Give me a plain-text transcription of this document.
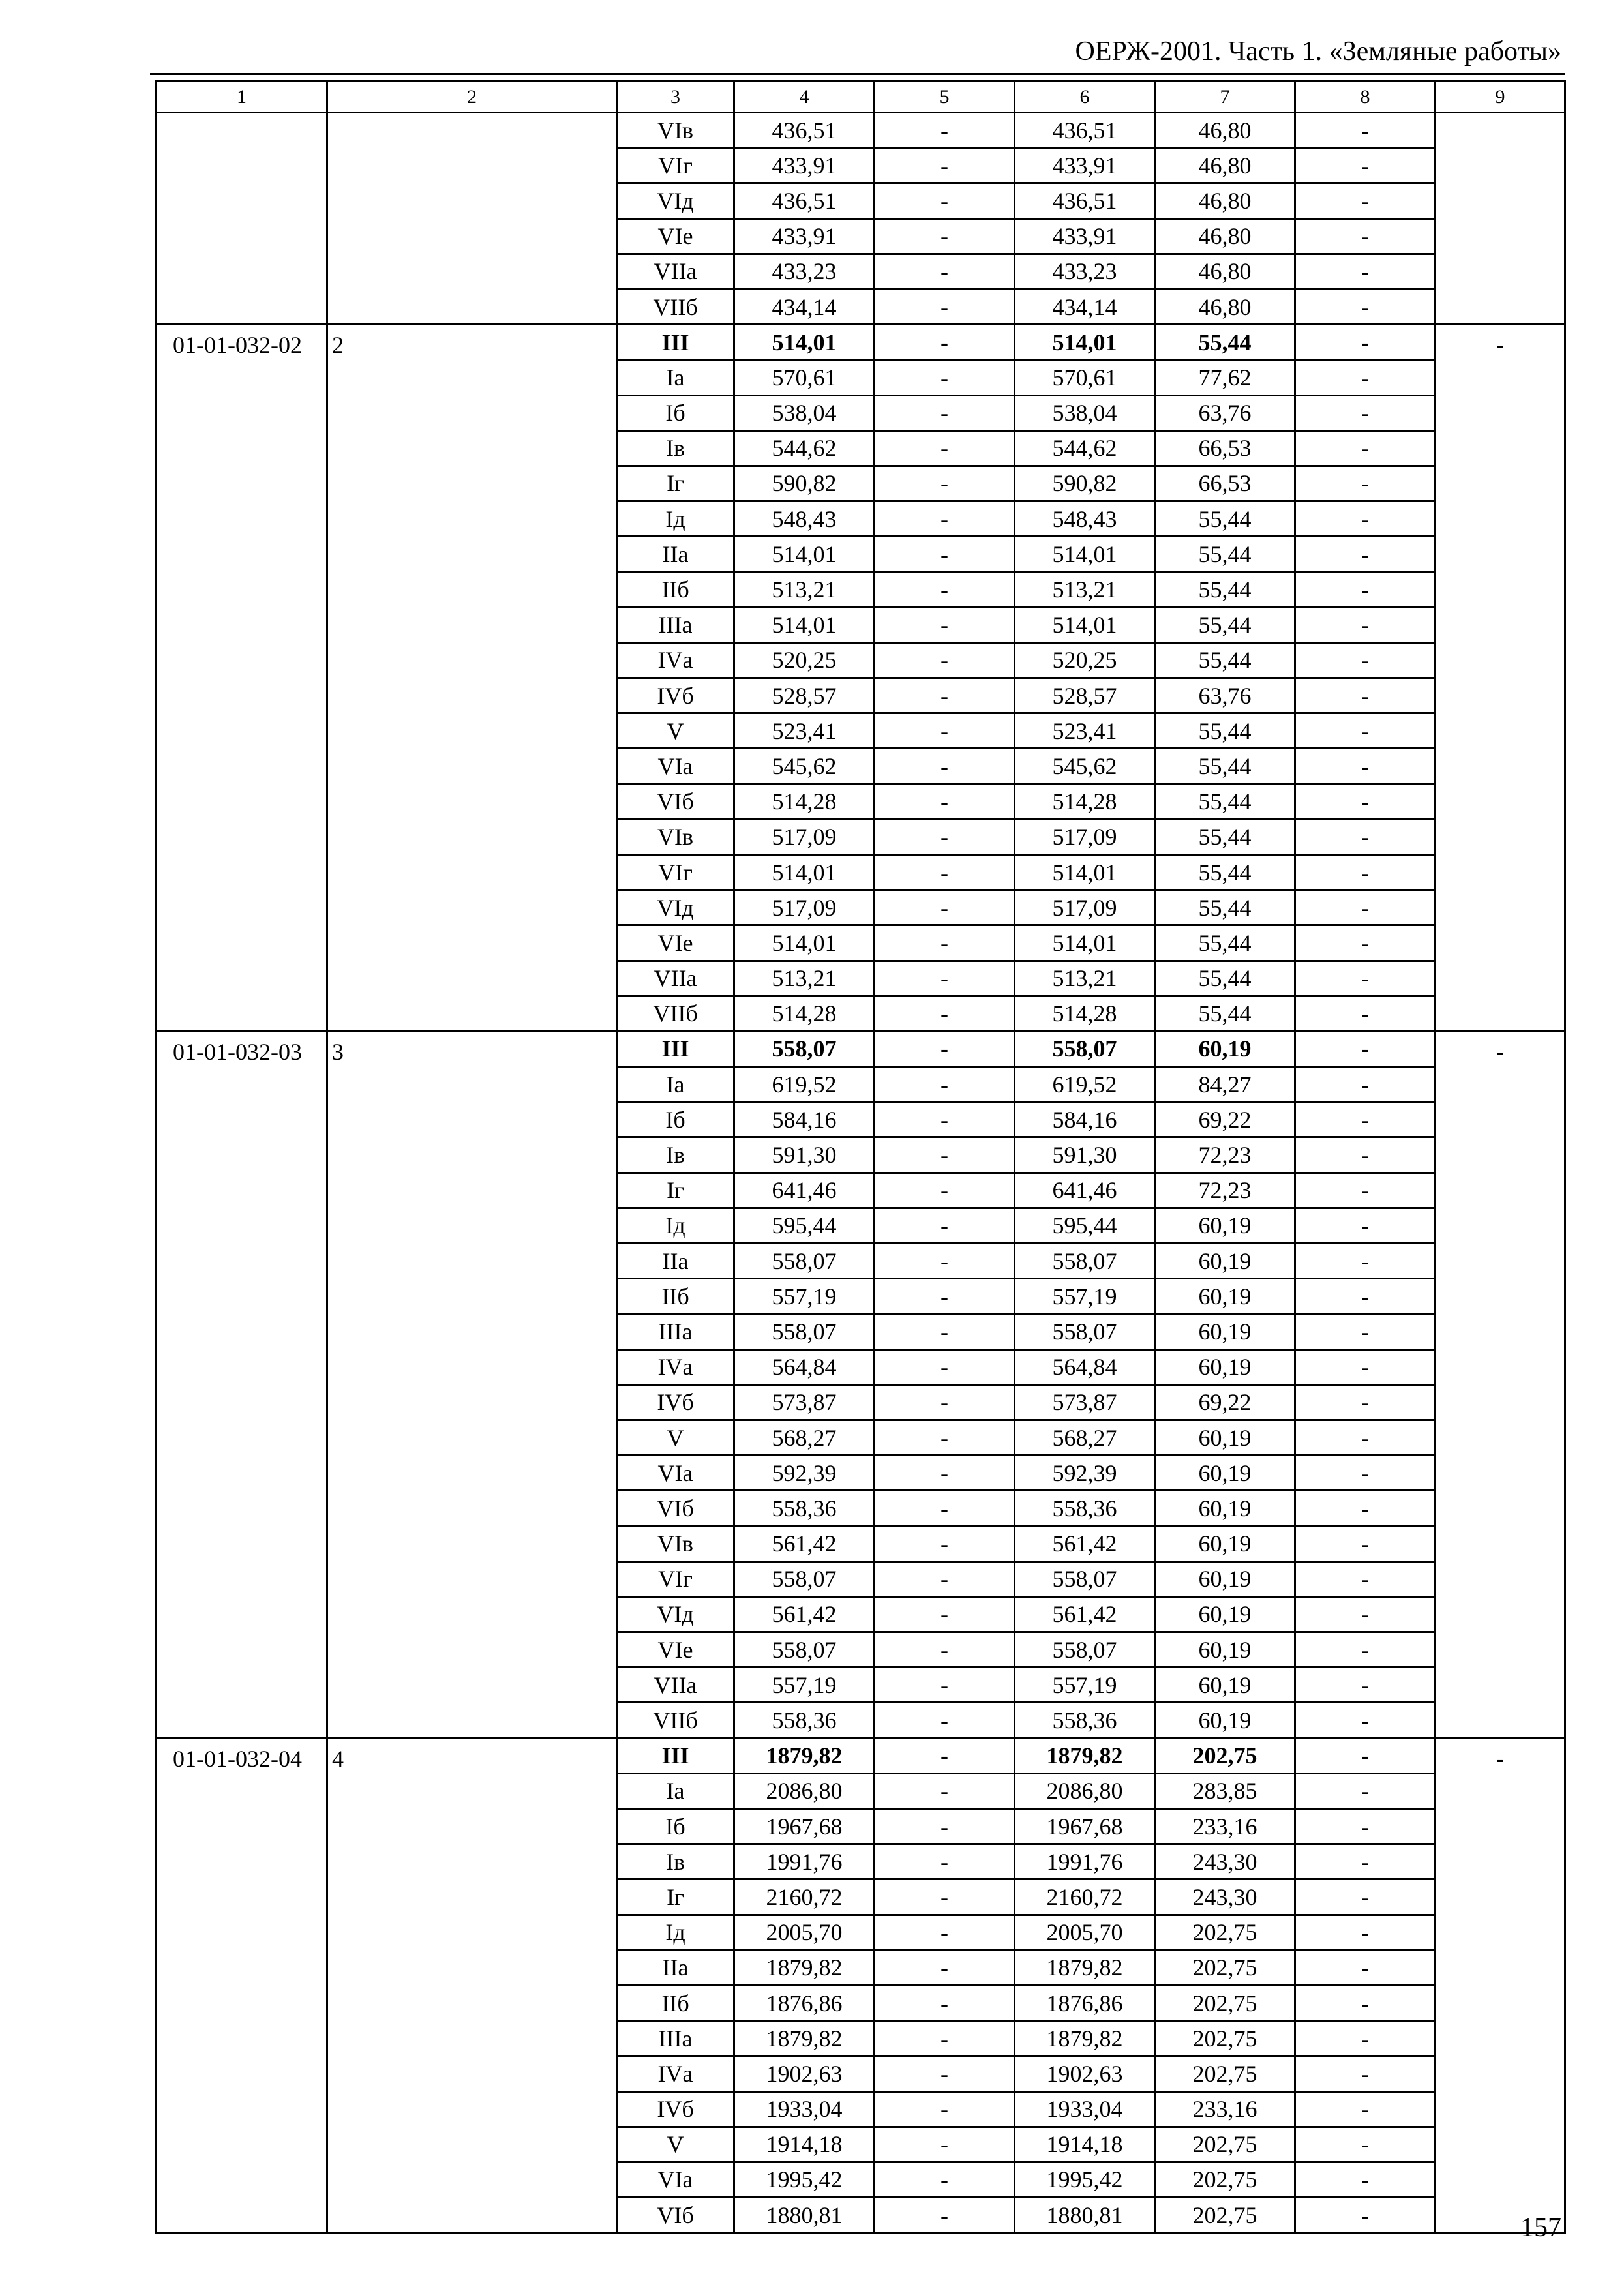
ОЕРЖ-2001. Часть 1. «Земляные работы»
1	2	3	4	5	6	7	8	9
		VIв	436,51	-	436,51	46,80	-	
		VIг	433,91	-	433,91	46,80	-	
		VIд	436,51	-	436,51	46,80	-	
		VIе	433,91	-	433,91	46,80	-	
		VIIа	433,23	-	433,23	46,80	-	
		VIIб	434,14	-	434,14	46,80	-	
01-01-032-02	2	III	514,01	-	514,01	55,44	-	-
		Iа	570,61	-	570,61	77,62	-	
		Iб	538,04	-	538,04	63,76	-	
		Iв	544,62	-	544,62	66,53	-	
		Iг	590,82	-	590,82	66,53	-	
		Iд	548,43	-	548,43	55,44	-	
		IIа	514,01	-	514,01	55,44	-	
		IIб	513,21	-	513,21	55,44	-	
		IIIа	514,01	-	514,01	55,44	-	
		IVа	520,25	-	520,25	55,44	-	
		IVб	528,57	-	528,57	63,76	-	
		V	523,41	-	523,41	55,44	-	
		VIа	545,62	-	545,62	55,44	-	
		VIб	514,28	-	514,28	55,44	-	
		VIв	517,09	-	517,09	55,44	-	
		VIг	514,01	-	514,01	55,44	-	
		VIд	517,09	-	517,09	55,44	-	
		VIе	514,01	-	514,01	55,44	-	
		VIIа	513,21	-	513,21	55,44	-	
		VIIб	514,28	-	514,28	55,44	-	
01-01-032-03	3	III	558,07	-	558,07	60,19	-	-
		Iа	619,52	-	619,52	84,27	-	
		Iб	584,16	-	584,16	69,22	-	
		Iв	591,30	-	591,30	72,23	-	
		Iг	641,46	-	641,46	72,23	-	
		Iд	595,44	-	595,44	60,19	-	
		IIа	558,07	-	558,07	60,19	-	
		IIб	557,19	-	557,19	60,19	-	
		IIIа	558,07	-	558,07	60,19	-	
		IVа	564,84	-	564,84	60,19	-	
		IVб	573,87	-	573,87	69,22	-	
		V	568,27	-	568,27	60,19	-	
		VIа	592,39	-	592,39	60,19	-	
		VIб	558,36	-	558,36	60,19	-	
		VIв	561,42	-	561,42	60,19	-	
		VIг	558,07	-	558,07	60,19	-	
		VIд	561,42	-	561,42	60,19	-	
		VIе	558,07	-	558,07	60,19	-	
		VIIа	557,19	-	557,19	60,19	-	
		VIIб	558,36	-	558,36	60,19	-	
01-01-032-04	4	III	1879,82	-	1879,82	202,75	-	-
		Iа	2086,80	-	2086,80	283,85	-	
		Iб	1967,68	-	1967,68	233,16	-	
		Iв	1991,76	-	1991,76	243,30	-	
		Iг	2160,72	-	2160,72	243,30	-	
		Iд	2005,70	-	2005,70	202,75	-	
		IIа	1879,82	-	1879,82	202,75	-	
		IIб	1876,86	-	1876,86	202,75	-	
		IIIа	1879,82	-	1879,82	202,75	-	
		IVа	1902,63	-	1902,63	202,75	-	
		IVб	1933,04	-	1933,04	233,16	-	
		V	1914,18	-	1914,18	202,75	-	
		VIа	1995,42	-	1995,42	202,75	-	
		VIб	1880,81	-	1880,81	202,75	-		157
